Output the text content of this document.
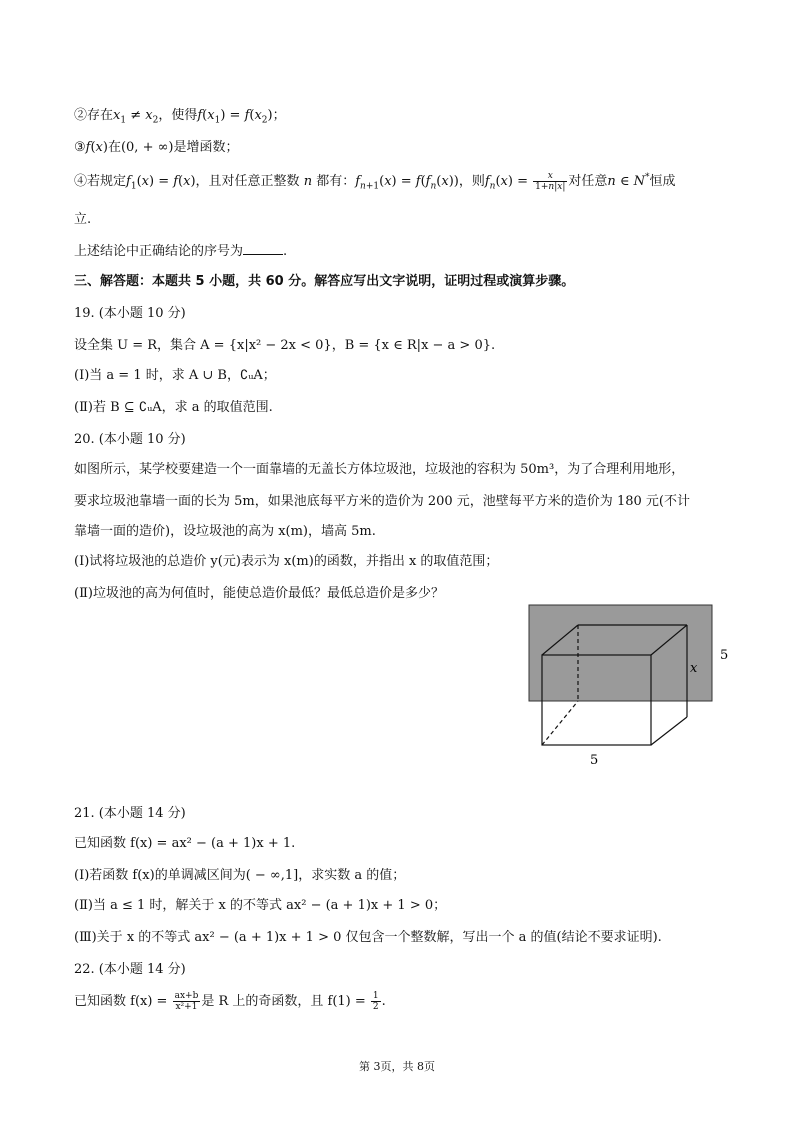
②存在$x_1 \ne x_2$，使得$f(x_1) = f(x_2)$；
③f(x)在(0, + ∞)是增函数；
④若规定$f_1(x) = f(x)$，且对任意正整数 n 都有：$f_{n+1}(x) = f(f_n(x))$，则$f_n(x) = \frac{x}{1+n|x|}$ 对任意n ∈ N*恒成
立.
上述结论中正确结论的序号为	.
三、解答题：本题共 5 小题，共 60 分。解答应写出文字说明，证明过程或演算步骤。
19. (本小题 10 分)
设全集 U = R，集合 A = {x|x² − 2x < 0}，B = {x ∈ R|x − a > 0}.
(Ⅰ)当 a = 1 时，求 A ∪ B，∁ᵤA；
(Ⅱ)若 B ⊆ ∁ᵤA，求 a 的取值范围.
20. (本小题 10 分)
如图所示，某学校要建造一个一面靠墙的无盖长方体垃圾池，垃圾池的容积为 50m³，为了合理利用地形，
要求垃圾池靠墙一面的长为 5m，如果池底每平方米的造价为 200 元，池壁每平方米的造价为 180 元(不计
靠墙一面的造价)，设垃圾池的高为 x(m)，墙高 5m.
(Ⅰ)试将垃圾池的总造价 y(元)表示为 x(m)的函数，并指出 x 的取值范围；
(Ⅱ)垃圾池的高为何值时，能使总造价最低？最低总造价是多少？
x
5
5
21. (本小题 14 分)
已知函数 f(x) = ax² − (a + 1)x + 1.
(Ⅰ)若函数 f(x)的单调减区间为( − ∞,1]，求实数 a 的值；
(Ⅱ)当 a ≤ 1 时，解关于 x 的不等式 ax² − (a + 1)x + 1 > 0；
(Ⅲ)关于 x 的不等式 ax² − (a + 1)x + 1 > 0 仅包含一个整数解，写出一个 a 的值(结论不要求证明).
22. (本小题 14 分)
已知函数 $f(x) = \frac{ax+b}{\text{x²+1}}$ 是 R 上的奇函数，且 $f(1) = \frac{1}{2}$ .
第 3页，共 8页
